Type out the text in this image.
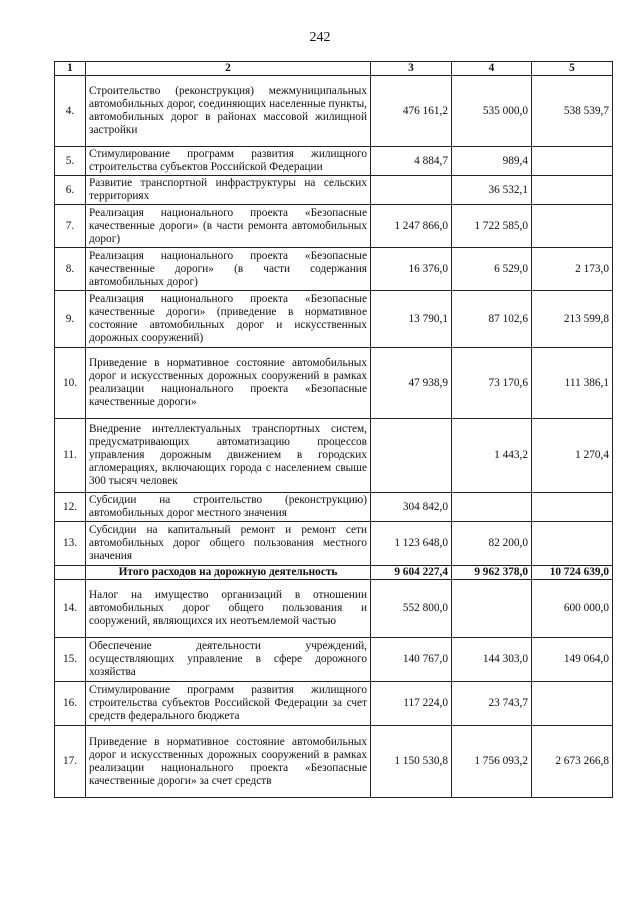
242
1	2	3	4	5
4.	Строительство (реконструкция) межмуниципальных автомобильных дорог, соединяющих населенные пункты, автомобильных дорог в районах массовой жилищной застройки	476 161,2	535 000,0	538 539,7
5.	Стимулирование программ развития жилищного строительства субъектов Российской Федерации	4 884,7	989,4	
6.	Развитие транспортной инфраструктуры на сельских территориях		36 532,1	
7.	Реализация национального проекта «Безопасные качественные дороги» (в части ремонта автомобильных дорог)	1 247 866,0	1 722 585,0	
8.	Реализация национального проекта «Безопасные качественные дороги» (в части содержания автомобильных дорог)	16 376,0	6 529,0	2 173,0
9.	Реализация национального проекта «Безопасные качественные дороги» (приведение в нормативное состояние автомобильных дорог и искусственных дорожных сооружений)	13 790,1	87 102,6	213 599,8
10.	Приведение в нормативное состояние автомобильных дорог и искусственных дорожных сооружений в рамках реализации национального проекта «Безопасные качественные дороги»	47 938,9	73 170,6	111 386,1
11.	Внедрение интеллектуальных транспортных систем, предусматривающих автоматизацию процессов управления дорожным движением в городских агломерациях, включающих города с населением свыше 300 тысяч человек		1 443,2	1 270,4
12.	Субсидии на строительство (реконструкцию) автомобильных дорог местного значения	304 842,0		
13.	Субсидии на капитальный ремонт и ремонт сети автомобильных дорог общего пользования местного значения	1 123 648,0	82 200,0	
	Итого расходов на дорожную деятельность	9 604 227,4	9 962 378,0	10 724 639,0
14.	Налог на имущество организаций в отношении автомобильных дорог общего пользования и сооружений, являющихся их неотъемлемой частью	552 800,0		600 000,0
15.	Обеспечение деятельности учреждений, осуществляющих управление в сфере дорожного хозяйства	140 767,0	144 303,0	149 064,0
16.	Стимулирование программ развития жилищного строительства субъектов Российской Федерации за счет средств федерального бюджета	117 224,0	23 743,7	
17.	Приведение в нормативное состояние автомобильных дорог и искусственных дорожных сооружений в рамках реализации национального проекта «Безопасные качественные дороги» за счет средств	1 150 530,8	1 756 093,2	2 673 266,8
